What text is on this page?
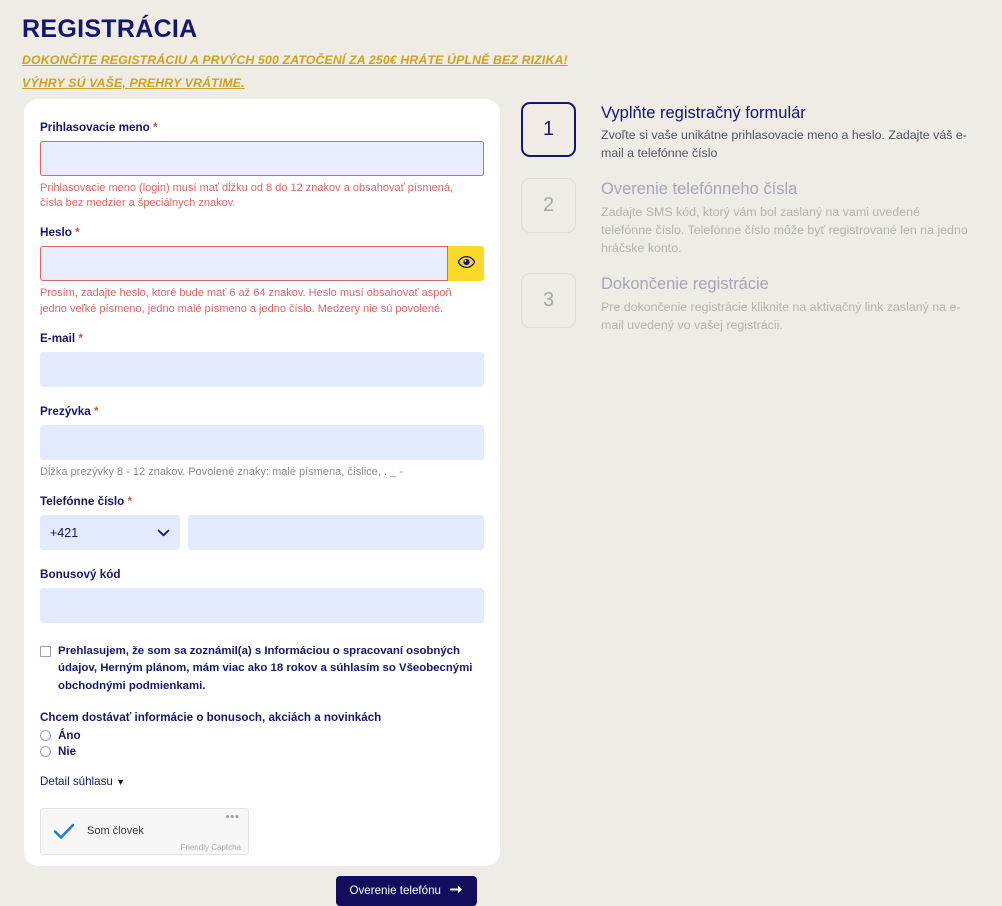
REGISTRÁCIA
DOKONČITE REGISTRÁCIU A PRVÝCH 500 ZATOČENÍ ZA 250€ HRÁTE ÚPLNĚ BEZ RIZIKA!
VÝHRY SÚ VAŠE, PREHRY VRÁTIME.
Prihlasovacie meno *

Prihlasovacie meno (login) musí mať dĺžku od 8 do 12 znakov a obsahovať písmená, čísla bez medzier a špeciálnych znakov.

Heslo *

Prosím, zadajte heslo, ktoré bude mať 6 až 64 znakov. Heslo musí obsahovať aspoň jedno veľké písmeno, jedno malé písmeno a jedno číslo. Medzery nie sú povolené.

E-mail *
Prezývka *

Dĺžka prezývky 8 - 12 znakov. Povolené znaky: malé písmena, číslice, . _ -

Telefónne číslo *
+421
Bonusový kód
Prehlasujem, že som sa zoznámil(a) s Informáciou o spracovaní osobných údajov, Herným plánom, mám viac ako 18 rokov a súhlasím so Všeobecnými obchodnými podmienkami.
Chcem dostávať informácie o bonusoch, akciách a novinkách
Áno
Nie
Detail súhlasu ▼
•••
Som človek
Friendly Captcha
Overenie telefónu
1

Vyplňte registračný formulár

Zvoľte si vaše unikátne prihlasovacie meno a heslo. Zadajte váš e-mail a telefónne číslo

2

Overenie telefónneho čísla

Zadajte SMS kód, ktorý vám bol zaslaný na vami uvedené telefónne číslo. Telefónne číslo môže byť registrované len na jedno hráčske konto.

3

Dokončenie registrácie

Pre dokončenie registrácie kliknite na aktivačný link zaslaný na e-mail uvedený vo vašej registrácii.
